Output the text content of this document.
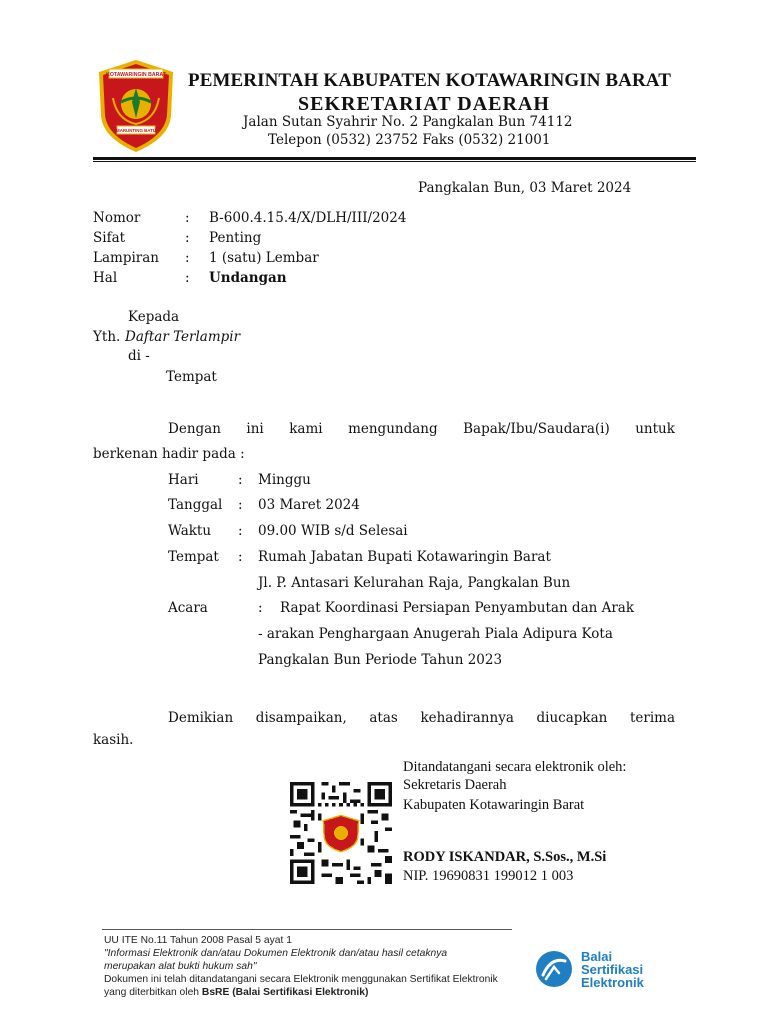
KOTAWARINGIN BARAT
MARUNTING BATU
PEMERINTAH KABUPATEN KOTAWARINGIN BARAT
SEKRETARIAT DAERAH
Jalan Sutan Syahrir No. 2 Pangkalan Bun 74112
Telepon (0532) 23752 Faks (0532) 21001
Pangkalan Bun, 03 Maret 2024
Nomor	: B-600.4.15.4/X/DLH/III/2024
Sifat	: Penting
Lampiran : 1 (satu) Lembar
Hal	: Undangan
Kepada
Yth. Daftar Terlampir
di -
Tempat
Dengan ini kami mengundang Bapak/Ibu/Saudara(i) untuk
berkenan hadir pada :
Hari	: Minggu
Tanggal : 03 Maret 2024
Waktu : 09.00 WIB s/d Selesai
Tempat : Rumah Jabatan Bupati Kotawaringin Barat
Jl. P. Antasari Kelurahan Raja, Pangkalan Bun
Acara	: Rapat Koordinasi Persiapan Penyambutan dan Arak
- arakan Penghargaan Anugerah Piala Adipura Kota
Pangkalan Bun Periode Tahun 2023
Demikian disampaikan, atas kehadirannya diucapkan terima
kasih.
Ditandatangani secara elektronik oleh:
Sekretaris Daerah
Kabupaten Kotawaringin Barat
RODY ISKANDAR, S.Sos., M.Si
NIP. 19690831 199012 1 003
UU ITE No.11 Tahun 2008 Pasal 5 ayat 1
"Informasi Elektronik dan/atau Dokumen Elektronik dan/atau hasil cetaknya
merupakan alat bukti hukum sah"
Dokumen ini telah ditandatangani secara Elektronik menggunakan Sertifikat Elektronik
yang diterbitkan oleh BsRE (Balai Sertifikasi Elektronik)
Balai
Sertifikasi
Elektronik
